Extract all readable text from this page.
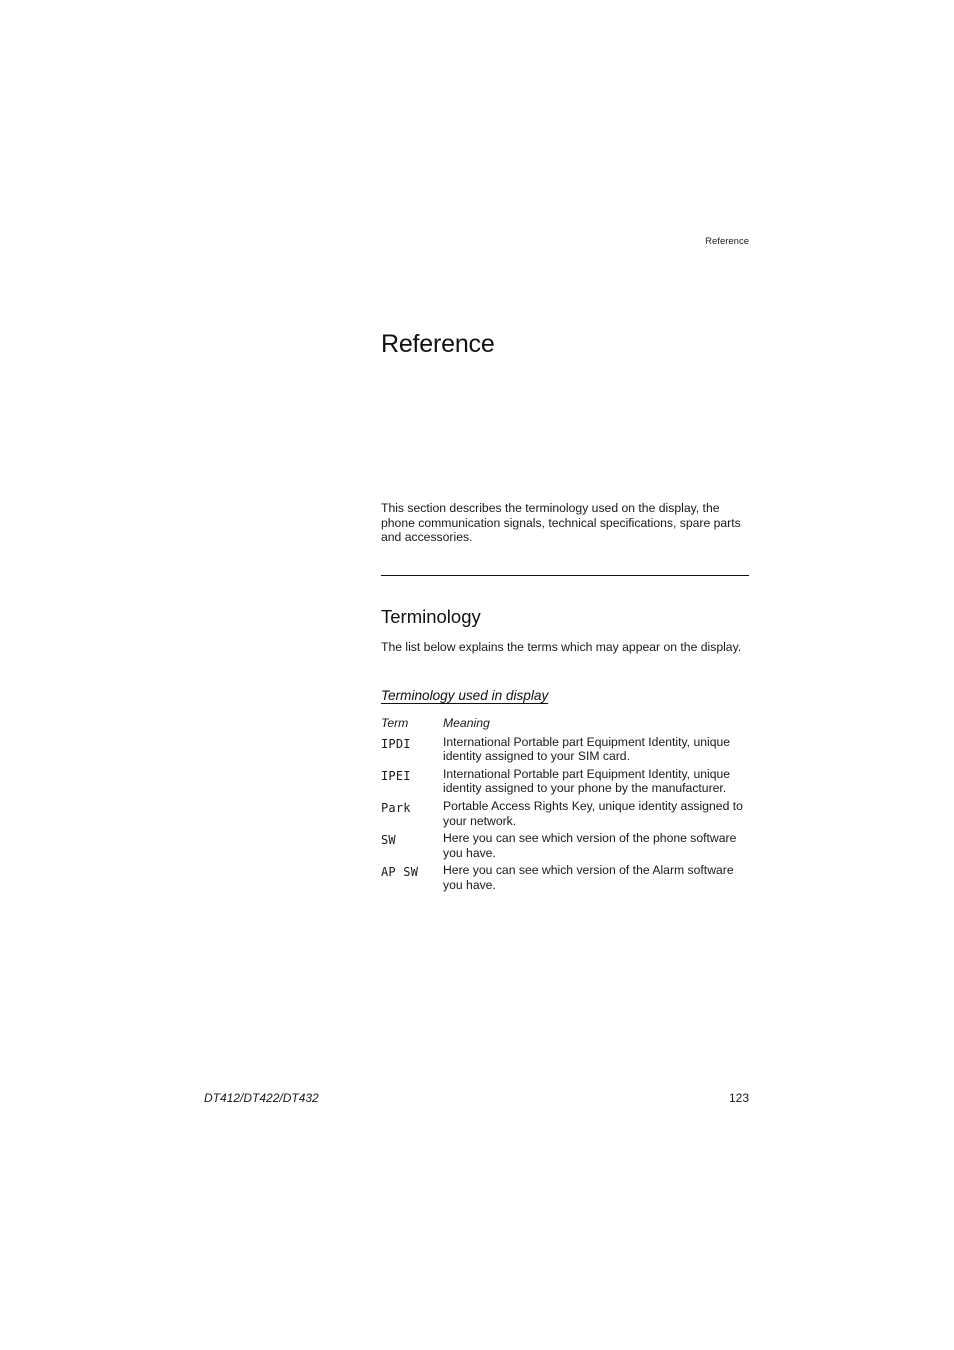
Reference
Reference

This section describes the terminology used on the display, the phone communication signals, technical specifications, spare parts and accessories.

Terminology

The list below explains the terms which may appear on the display.

Terminology used in display
Term	Meaning
IPDI	International Portable part Equipment Identity, unique identity assigned to your SIM card.
IPEI	International Portable part Equipment Identity, unique identity assigned to your phone by the manufacturer.
Park	Portable Access Rights Key, unique identity assigned to your network.
SW	Here you can see which version of the phone software you have.
AP SW	Here you can see which version of the Alarm software you have.
DT412/DT422/DT432	123
